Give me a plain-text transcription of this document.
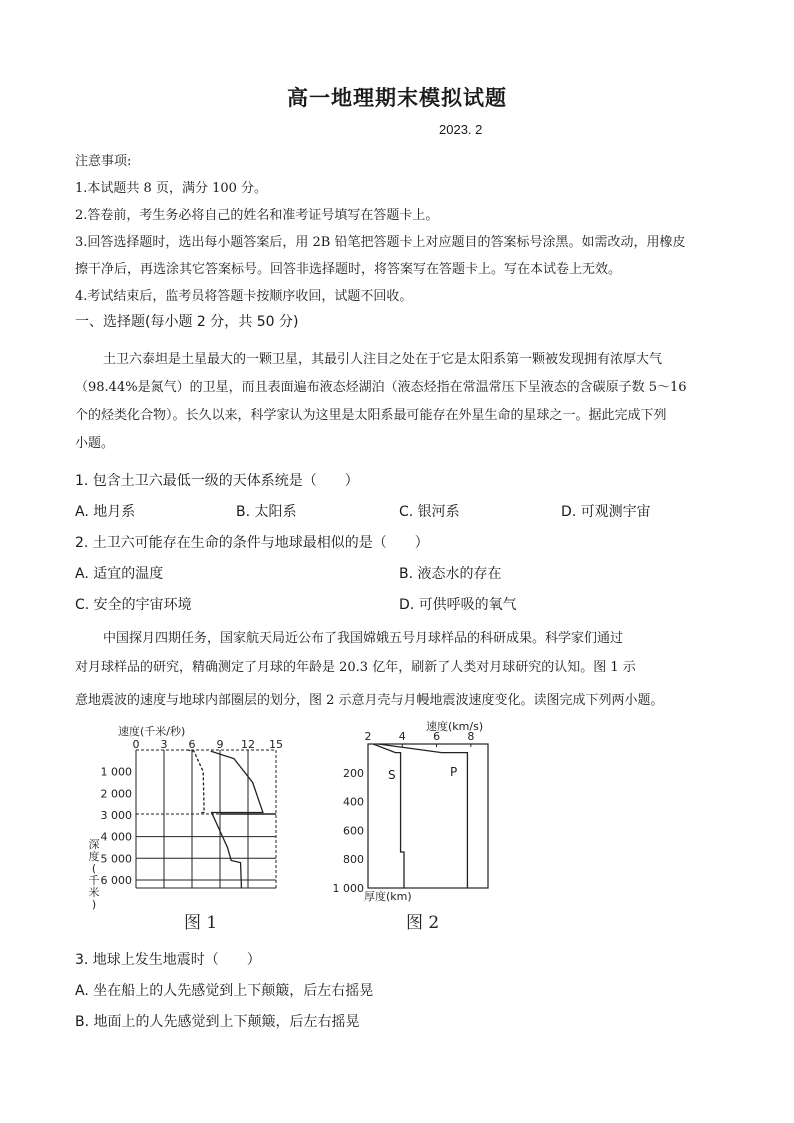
高一地理期末模拟试题
2023. 2
注意事项:
1.本试题共 8 页，满分 100 分。
2.答卷前，考生务必将自己的姓名和准考证号填写在答题卡上。
3.回答选择题时，选出每小题答案后，用 2B 铅笔把答题卡上对应题目的答案标号涂黑。如需改动，用橡皮
擦干净后，再选涂其它答案标号。回答非选择题时，将答案写在答题卡上。写在本试卷上无效。
4.考试结束后，监考员将答题卡按顺序收回，试题不回收。
一、选择题(每小题 2 分，共 50 分)
土卫六泰坦是土星最大的一颗卫星，其最引人注目之处在于它是太阳系第一颗被发现拥有浓厚大气
（98.44%是氮气）的卫星，而且表面遍布液态烃湖泊（液态烃指在常温常压下呈液态的含碳原子数 5～16
个的烃类化合物）。长久以来，科学家认为这里是太阳系最可能存在外星生命的星球之一。据此完成下列
小题。
1. 包含土卫六最低一级的天体系统是（　　）
A. 地月系	B. 太阳系	C. 银河系	D. 可观测宇宙
2. 土卫六可能存在生命的条件与地球最相似的是（　　）
A. 适宜的温度	B. 液态水的存在
C. 安全的宇宙环境	D. 可供呼吸的氧气
中国探月四期任务，国家航天局近公布了我国嫦娥五号月球样品的科研成果。科学家们通过
对月球样品的研究，精确测定了月球的年龄是 20.3 亿年，刷新了人类对月球研究的认知。图 1 示
意地震波的速度与地球内部圈层的划分，图 2 示意月壳与月幔地震波速度变化。读图完成下列两小题。
速度(千米/秒)
0 3 6 9 12 15
1 000
2 000
3 000
4 000
5 000
6 000
图 1
深
度
(
千
米
)
速度(km/s)
2 4 6 8
200
400
600
800
1 000
S	P
厚度(km)
图 2
3. 地球上发生地震时（　　）
A. 坐在船上的人先感觉到上下颠簸，后左右摇晃
B. 地面上的人先感觉到上下颠簸，后左右摇晃
